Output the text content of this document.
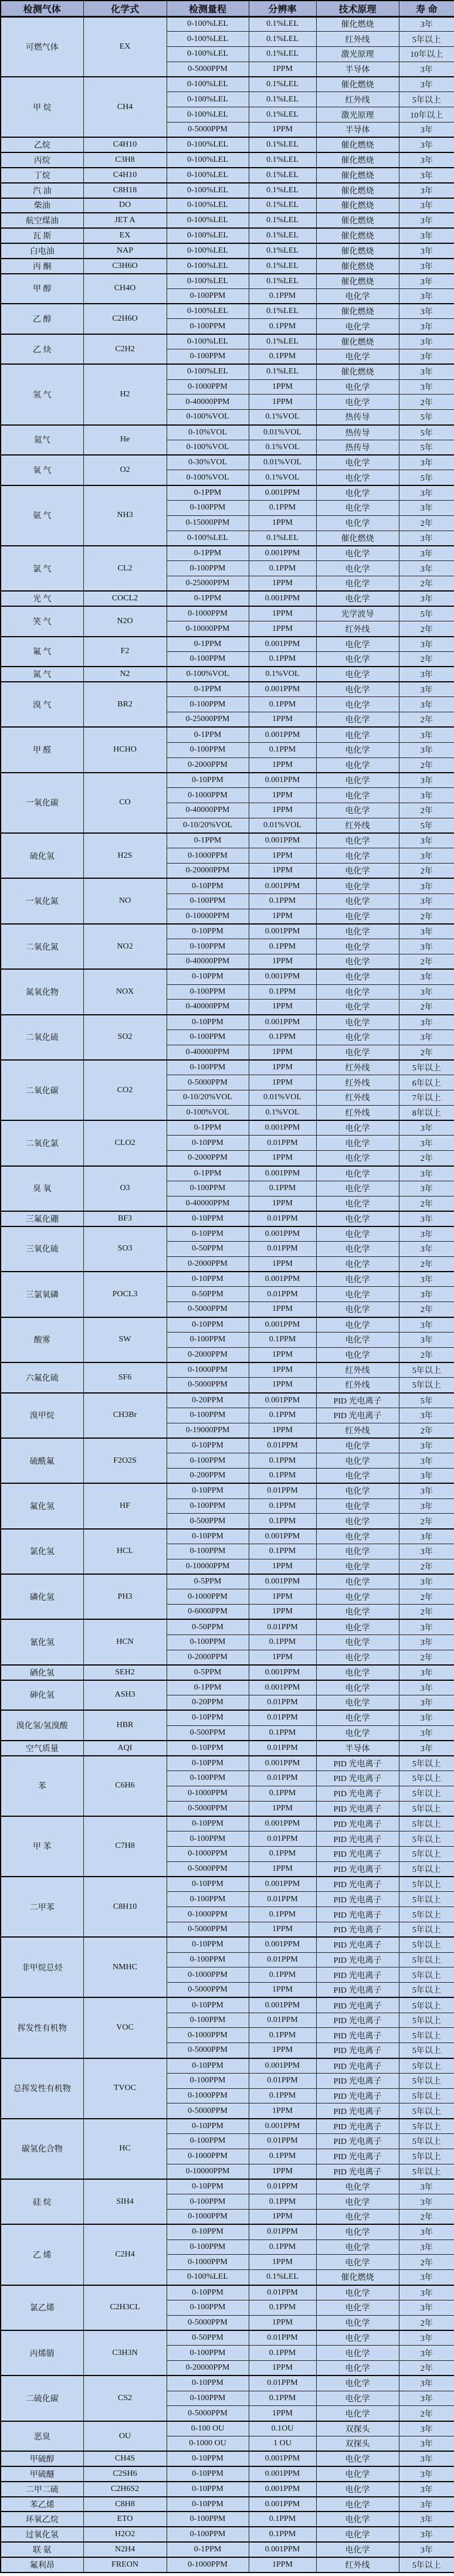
检测气体	化学式	检测量程	分辨率	技术原理	寿 命
可燃气体	EX	0-100%LEL	0.1%LEL	催化燃烧	3年
		0-100%LEL	0.1%LEL	红外线	5年以上
		0-100%LEL	0.1%LEL	激光原理	10年以上
		0-5000PPM	1PPM	半导体	3年
甲 烷	CH4	0-100%LEL	0.1%LEL	催化燃烧	3年
		0-100%LEL	0.1%LEL	红外线	5年以上
		0-100%LEL	0.1%LEL	激光原理	10年以上
		0-5000PPM	1PPM	半导体	3年
乙烷	C4H10	0-100%LEL	0.1%LEL	催化燃烧	3年
丙烷	C3H8	0-100%LEL	0.1%LEL	催化燃烧	3年
丁烷	C4H10	0-100%LEL	0.1%LEL	催化燃烧	3年
汽 油	C8H18	0-100%LEL	0.1%LEL	催化燃烧	3年
柴油	DO	0-100%LEL	0.1%LEL	催化燃烧	3年
航空煤油	JET A	0-100%LEL	0.1%LEL	催化燃烧	3年
瓦 斯	EX	0-100%LEL	0.1%LEL	催化燃烧	3年
白电油	NAP	0-100%LEL	0.1%LEL	催化燃烧	3年
丙 酮	C3H6O	0-100%LEL	0.1%LEL	催化燃烧	3年
甲 醇	CH4O	0-100%LEL	0.1%LEL	催化燃烧	3年
		0-100PPM	0.1PPM	电化学	3年
乙 醇	C2H6O	0-100%LEL	0.1%LEL	催化燃烧	3年
		0-100PPM	0.1PPM	电化学	3年
乙 炔	C2H2	0-100%LEL	0.1%LEL	催化燃烧	3年
		0-100PPM	0.1PPM	电化学	3年
氢 气	H2	0-100%LEL	0.1%LEL	催化燃烧	3年
		0-1000PPM	1PPM	电化学	3年
		0-40000PPM	1PPM	电化学	2年
		0-100%VOL	0.1%VOL	热传导	5年
氦气	He	0-10%VOL	0.01%VOL	热传导	5年
		0-100%VOL	0.1%VOL	热传导	5年
氧 气	O2	0-30%VOL	0.01%VOL	电化学	3年
		0-100%VOL	0.1%VOL	电化学	5年
氨 气	NH3	0-1PPM	0.001PPM	电化学	3年
		0-100PPM	0.1PPM	电化学	3年
		0-15000PPM	1PPM	电化学	2年
		0-100%LEL	0.1%LEL	催化燃烧	3年
氯 气	CL2	0-1PPM	0.001PPM	电化学	3年
		0-100PPM	0.1PPM	电化学	3年
		0-25000PPM	1PPM	电化学	2年
光 气	COCL2	0-1PPM	0.001PPM	电化学	3年
笑 气	N2O	0-1000PPM	1PPM	光学波导	5年
		0-10000PPM	1PPM	红外线	2年
氟 气	F2	0-1PPM	0.001PPM	电化学	3年
		0-100PPM	0.1PPM	电化学	2年
氮 气	N2	0-100%VOL	0.1%VOL	电化学	3年
溴 气	BR2	0-1PPM	0.001PPM	电化学	3年
		0-100PPM	0.1PPM	电化学	3年
		0-25000PPM	1PPM	电化学	2年
甲 醛	HCHO	0-1PPM	0.001PPM	电化学	3年
		0-100PPM	0.1PPM	电化学	3年
		0-2000PPM	1PPM	电化学	2年
一氧化碳	CO	0-10PPM	0.001PPM	电化学	3年
		0-1000PPM	1PPM	电化学	3年
		0-40000PPM	1PPM	电化学	2年
		0-10/20%VOL	0.01%VOL	红外线	5年
硫化氢	H2S	0-1PPM	0.001PPM	电化学	3年
		0-1000PPM	1PPM	电化学	3年
		0-20000PPM	1PPM	电化学	2年
一氧化氮	NO	0-10PPM	0.001PPM	电化学	3年
		0-100PPM	0.1PPM	电化学	3年
		0-10000PPM	1PPM	电化学	2年
二氧化氮	NO2	0-10PPM	0.001PPM	电化学	3年
		0-100PPM	0.1PPM	电化学	3年
		0-40000PPM	1PPM	电化学	2年
氮氧化物	NOX	0-10PPM	0.001PPM	电化学	3年
		0-100PPM	0.1PPM	电化学	3年
		0-40000PPM	1PPM	电化学	2年
二氧化硫	SO2	0-10PPM	0.001PPM	电化学	3年
		0-100PPM	0.1PPM	电化学	3年
		0-40000PPM	1PPM	电化学	2年
二氧化碳	CO2	0-100PPM	1PPM	红外线	5年以上
		0-5000PPM	1PPM	红外线	6年以上
		0-10/20%VOL	0.01%VOL	红外线	7年以上
		0-100%VOL	0.1%VOL	红外线	8年以上
二氧化氯	CLO2	0-1PPM	0.001PPM	电化学	3年
		0-10PPM	0.01PPM	电化学	3年
		0-2000PPM	1PPM	电化学	2年
臭 氧	O3	0-1PPM	0.001PPM	电化学	3年
		0-100PPM	0.1PPM	电化学	3年
		0-40000PPM	1PPM	电化学	2年
三氟化硼	BF3	0-10PPM	0.01PPM	电化学	3年
三氧化硫	SO3	0-10PPM	0.001PPM	电化学	3年
		0-50PPM	0.01PPM	电化学	3年
		0-2000PPM	1PPM	电化学	2年
三氯氧磷	POCL3	0-10PPM	0.001PPM	电化学	3年
		0-50PPM	0.01PPM	电化学	3年
		0-5000PPM	1PPM	电化学	2年
酸雾	SW	0-10PPM	0.001PPM	电化学	3年
		0-100PPM	0.1PPM	电化学	3年
		0-2000PPM	1PPM	电化学	2年
六氟化硫	SF6	0-1000PPM	1PPM	红外线	5年以上
		0-5000PPM	1PPM	红外线	5年以上
溴甲烷	CH3Br	0-20PPM	0.001PPM	PID 光电离子	5年
		0-100PPM	0.1PPM	PID 光电离子	3年
		0-19000PPM	1PPM	红外线	2年
硫酰氟	F2O2S	0-10PPM	0.01PPM	电化学	3年
		0-100PPM	0.1PPM	电化学	3年
		0-200PPM	0.1PPM	电化学	3年
氟化氢	HF	0-10PPM	0.01PPM	电化学	3年
		0-100PPM	0.1PPM	电化学	3年
		0-500PPM	0.1PPM	电化学	2年
氯化氢	HCL	0-10PPM	0.001PPM	电化学	3年
		0-100PPM	0.1PPM	电化学	3年
		0-10000PPM	1PPM	电化学	2年
磷化氢	PH3	0-5PPM	0.001PPM	电化学	3年
		0-1000PPM	1PPM	电化学	2年
		0-6000PPM	1PPM	电化学	2年
氰化氢	HCN	0-50PPM	0.01PPM	电化学	3年
		0-100PPM	0.1PPM	电化学	3年
		0-2000PPM	1PPM	电化学	2年
硒化氢	SEH2	0-5PPM	0.001PPM	电化学	3年
砷化氢	ASH3	0-1PPM	0.001PPM	电化学	3年
		0-20PPM	0.01PPM	电化学	3年
溴化氢/氢溴酸	HBR	0-10PPM	0.01PPM	电化学	3年
		0-500PPM	0.1PPM	电化学	3年
空气质量	AQI	0-10PPM	0.01PPM	半导体	3年
苯	C6H6	0-10PPM	0.001PPM	PID 光电离子	5年以上
		0-100PPM	0.01PPM	PID 光电离子	5年以上
		0-1000PPM	0.1PPM	PID 光电离子	5年以上
		0-5000PPM	1PPM	PID 光电离子	5年以上
甲 苯	C7H8	0-10PPM	0.001PPM	PID 光电离子	5年以上
		0-100PPM	0.01PPM	PID 光电离子	5年以上
		0-1000PPM	0.1PPM	PID 光电离子	5年以上
		0-5000PPM	1PPM	PID 光电离子	5年以上
二甲苯	C8H10	0-10PPM	0.001PPM	PID 光电离子	5年以上
		0-100PPM	0.01PPM	PID 光电离子	5年以上
		0-1000PPM	0.1PPM	PID 光电离子	5年以上
		0-5000PPM	1PPM	PID 光电离子	5年以上
非甲烷总烃	NMHC	0-10PPM	0.001PPM	PID 光电离子	5年以上
		0-100PPM	0.01PPM	PID 光电离子	5年以上
		0-1000PPM	0.1PPM	PID 光电离子	5年以上
		0-5000PPM	1PPM	PID 光电离子	5年以上
挥发性有机物	VOC	0-10PPM	0.001PPM	PID 光电离子	5年以上
		0-100PPM	0.01PPM	PID 光电离子	5年以上
		0-1000PPM	0.1PPM	PID 光电离子	5年以上
		0-5000PPM	1PPM	PID 光电离子	5年以上
总挥发性有机物	TVOC	0-10PPM	0.001PPM	PID 光电离子	5年以上
		0-100PPM	0.01PPM	PID 光电离子	5年以上
		0-1000PPM	0.1PPM	PID 光电离子	5年以上
		0-5000PPM	1PPM	PID 光电离子	5年以上
碳氢化合物	HC	0-10PPM	0.001PPM	PID 光电离子	5年以上
		0-100PPM	0.01PPM	PID 光电离子	5年以上
		0-1000PPM	0.1PPM	PID 光电离子	5年以上
		0-10000PPM	1PPM	PID 光电离子	5年以上
硅 烷	SIH4	0-10PPM	0.01PPM	电化学	3年
		0-100PPM	0.1PPM	电化学	3年
		0-1000PPM	1PPM	电化学	2年
乙 烯	C2H4	0-10PPM	0.01PPM	电化学	3年
		0-100PPM	0.1PPM	电化学	3年
		0-1000PPM	1PPM	电化学	2年
		0-100%LEL	0.1%LEL	催化燃烧	3年
氯乙烯	C2H3CL	0-10PPM	0.01PPM	电化学	3年
		0-100PPM	0.1PPM	电化学	3年
		0-5000PPM	1PPM	电化学	2年
丙烯腈	C3H3N	0-50PPM	0.01PPM	电化学	3年
		0-100PPM	0.1PPM	电化学	3年
		0-20000PPM	1PPM	电化学	2年
二硫化碳	CS2	0-10PPM	0.01PPM	电化学	3年
		0-100PPM	0.1PPM	电化学	3年
		0-5000PPM	1PPM	电化学	2年
恶臭	OU	0-100 OU	0.1OU	双探头	3年
		0-1000 OU	1 OU	双探头	3年
甲硫醇	CH4S	0-10PPM	0.001PPM	电化学	3年
甲硫醚	C2SH6	0-10PPM	0.001PPM	电化学	3年
二甲二硫	C2H6S2	0-10PPM	0.001PPM	电化学	3年
苯乙烯	C8H8	0-10PPM	0.001PPM	电化学	3年
环氧乙烷	ETO	0-100PPM	0.1PPM	电化学	3年
过氧化氢	H2O2	0-100PPM	0.1PPM	电化学	3年
联 氨	N2H4	0-1PPM	0.001PPM	电化学	3年
氟利昂	FREON	0-1000PPM	1PPM	红外线	5年以上
